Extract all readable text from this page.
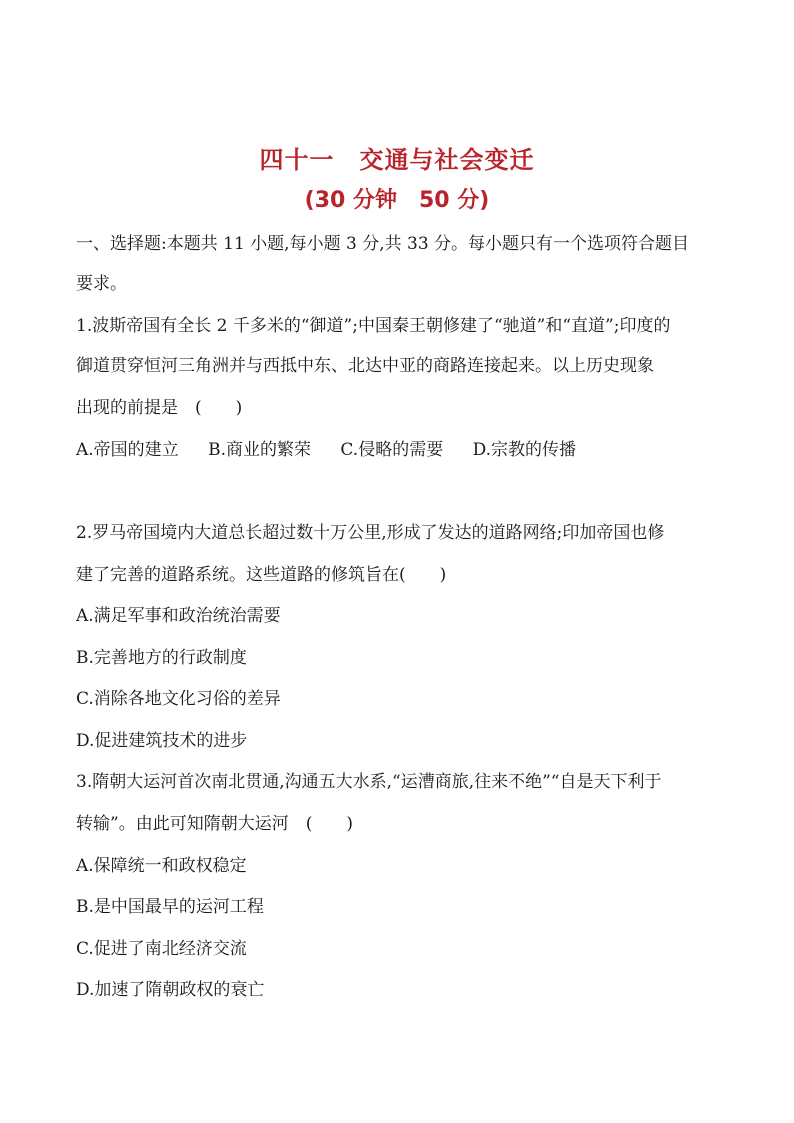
四十一　交通与社会变迁
(30 分钟　50 分)
一、选择题:本题共 11 小题,每小题 3 分,共 33 分。每小题只有一个选项符合题目
要求。
1.波斯帝国有全长 2 千多米的“御道”;中国秦王朝修建了“驰道”和“直道”;印度的
御道贯穿恒河三角洲并与西抵中东、北达中亚的商路连接起来。以上历史现象
出现的前提是　(　　)
A.帝国的建立 B.商业的繁荣 C.侵略的需要 D.宗教的传播
2.罗马帝国境内大道总长超过数十万公里,形成了发达的道路网络;印加帝国也修
建了完善的道路系统。这些道路的修筑旨在(　　)
A.满足军事和政治统治需要
B.完善地方的行政制度
C.消除各地文化习俗的差异
D.促进建筑技术的进步
3.隋朝大运河首次南北贯通,沟通五大水系,“运漕商旅,往来不绝”“自是天下利于
转输”。由此可知隋朝大运河　(　　)
A.保障统一和政权稳定
B.是中国最早的运河工程
C.促进了南北经济交流
D.加速了隋朝政权的衰亡
